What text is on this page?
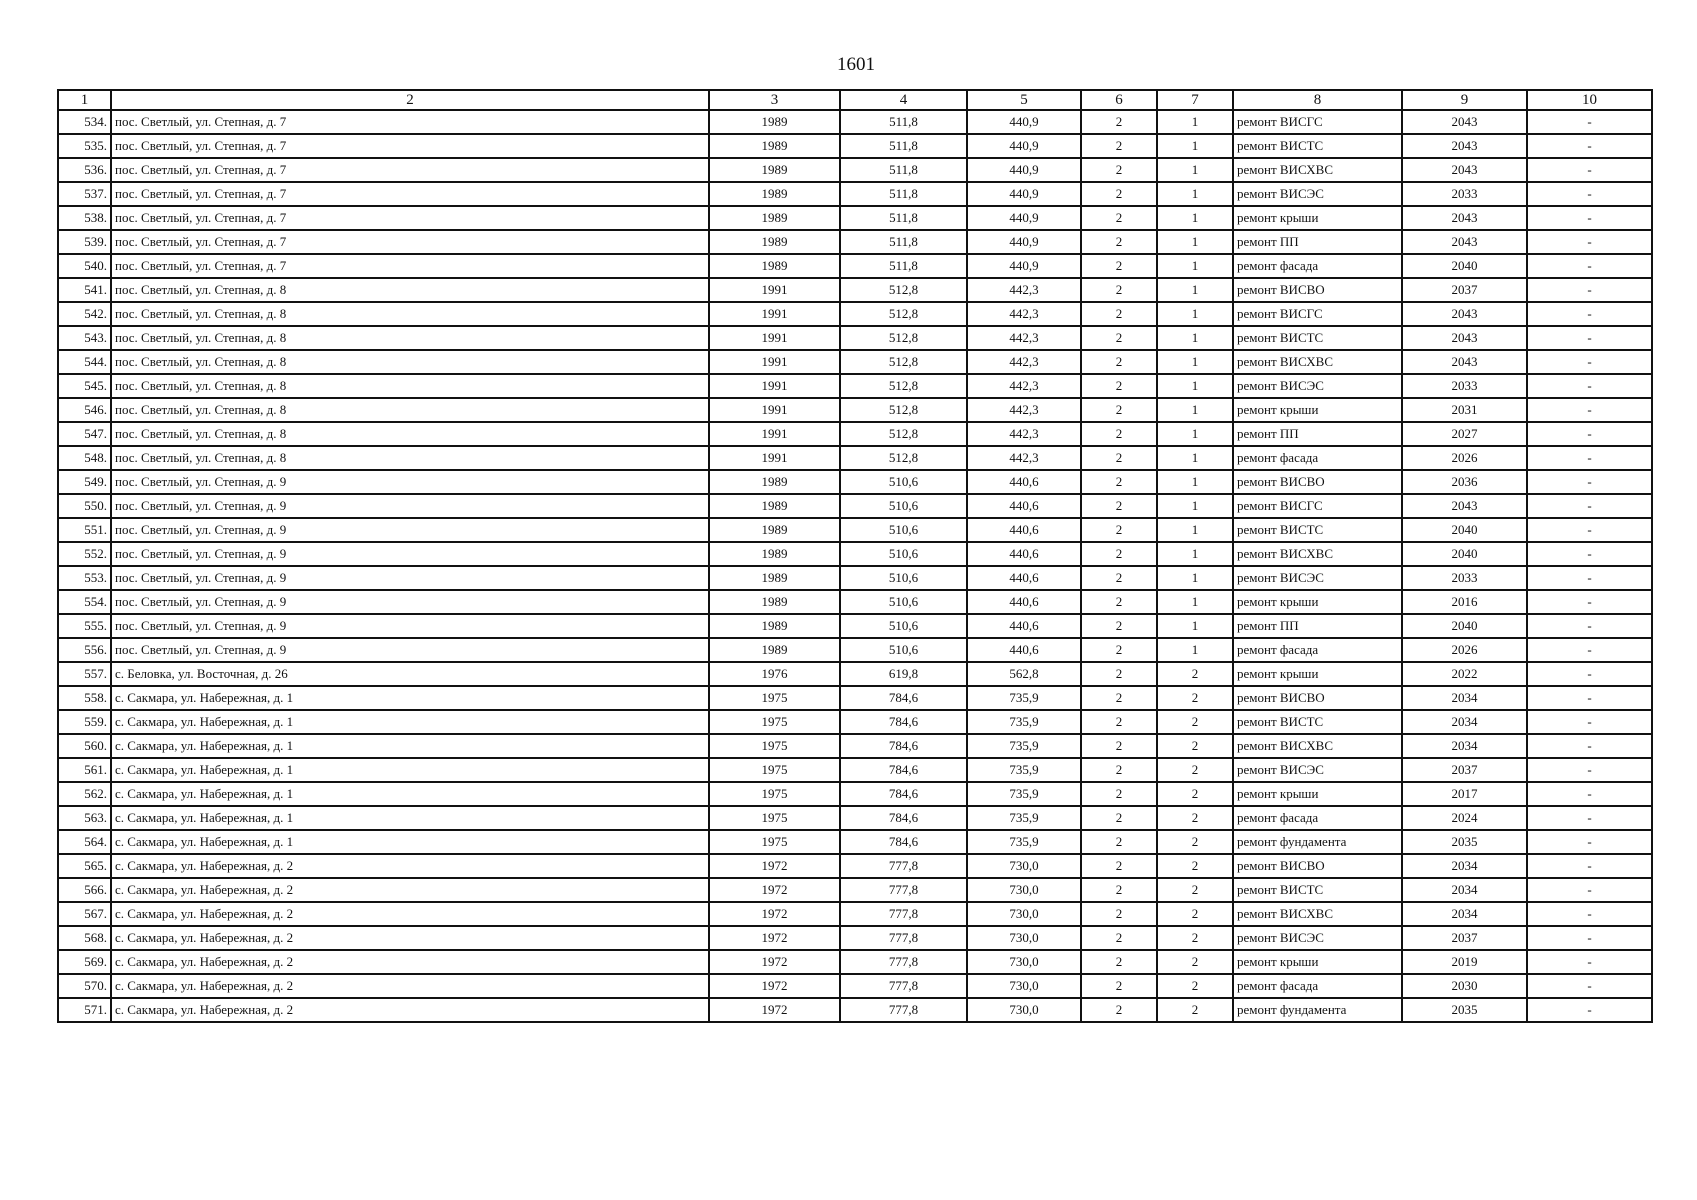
1601
1	2	3	4	5	6	7	8	9	10
534.	пос. Светлый, ул. Степная, д. 7	1989	511,8	440,9	2	1	ремонт ВИСГС	2043	-
535.	пос. Светлый, ул. Степная, д. 7	1989	511,8	440,9	2	1	ремонт ВИСТС	2043	-
536.	пос. Светлый, ул. Степная, д. 7	1989	511,8	440,9	2	1	ремонт ВИСХВС	2043	-
537.	пос. Светлый, ул. Степная, д. 7	1989	511,8	440,9	2	1	ремонт ВИСЭС	2033	-
538.	пос. Светлый, ул. Степная, д. 7	1989	511,8	440,9	2	1	ремонт крыши	2043	-
539.	пос. Светлый, ул. Степная, д. 7	1989	511,8	440,9	2	1	ремонт ПП	2043	-
540.	пос. Светлый, ул. Степная, д. 7	1989	511,8	440,9	2	1	ремонт фасада	2040	-
541.	пос. Светлый, ул. Степная, д. 8	1991	512,8	442,3	2	1	ремонт ВИСВО	2037	-
542.	пос. Светлый, ул. Степная, д. 8	1991	512,8	442,3	2	1	ремонт ВИСГС	2043	-
543.	пос. Светлый, ул. Степная, д. 8	1991	512,8	442,3	2	1	ремонт ВИСТС	2043	-
544.	пос. Светлый, ул. Степная, д. 8	1991	512,8	442,3	2	1	ремонт ВИСХВС	2043	-
545.	пос. Светлый, ул. Степная, д. 8	1991	512,8	442,3	2	1	ремонт ВИСЭС	2033	-
546.	пос. Светлый, ул. Степная, д. 8	1991	512,8	442,3	2	1	ремонт крыши	2031	-
547.	пос. Светлый, ул. Степная, д. 8	1991	512,8	442,3	2	1	ремонт ПП	2027	-
548.	пос. Светлый, ул. Степная, д. 8	1991	512,8	442,3	2	1	ремонт фасада	2026	-
549.	пос. Светлый, ул. Степная, д. 9	1989	510,6	440,6	2	1	ремонт ВИСВО	2036	-
550.	пос. Светлый, ул. Степная, д. 9	1989	510,6	440,6	2	1	ремонт ВИСГС	2043	-
551.	пос. Светлый, ул. Степная, д. 9	1989	510,6	440,6	2	1	ремонт ВИСТС	2040	-
552.	пос. Светлый, ул. Степная, д. 9	1989	510,6	440,6	2	1	ремонт ВИСХВС	2040	-
553.	пос. Светлый, ул. Степная, д. 9	1989	510,6	440,6	2	1	ремонт ВИСЭС	2033	-
554.	пос. Светлый, ул. Степная, д. 9	1989	510,6	440,6	2	1	ремонт крыши	2016	-
555.	пос. Светлый, ул. Степная, д. 9	1989	510,6	440,6	2	1	ремонт ПП	2040	-
556.	пос. Светлый, ул. Степная, д. 9	1989	510,6	440,6	2	1	ремонт фасада	2026	-
557.	с. Беловка, ул. Восточная, д. 26	1976	619,8	562,8	2	2	ремонт крыши	2022	-
558.	с. Сакмара, ул. Набережная, д. 1	1975	784,6	735,9	2	2	ремонт ВИСВО	2034	-
559.	с. Сакмара, ул. Набережная, д. 1	1975	784,6	735,9	2	2	ремонт ВИСТС	2034	-
560.	с. Сакмара, ул. Набережная, д. 1	1975	784,6	735,9	2	2	ремонт ВИСХВС	2034	-
561.	с. Сакмара, ул. Набережная, д. 1	1975	784,6	735,9	2	2	ремонт ВИСЭС	2037	-
562.	с. Сакмара, ул. Набережная, д. 1	1975	784,6	735,9	2	2	ремонт крыши	2017	-
563.	с. Сакмара, ул. Набережная, д. 1	1975	784,6	735,9	2	2	ремонт фасада	2024	-
564.	с. Сакмара, ул. Набережная, д. 1	1975	784,6	735,9	2	2	ремонт фундамента	2035	-
565.	с. Сакмара, ул. Набережная, д. 2	1972	777,8	730,0	2	2	ремонт ВИСВО	2034	-
566.	с. Сакмара, ул. Набережная, д. 2	1972	777,8	730,0	2	2	ремонт ВИСТС	2034	-
567.	с. Сакмара, ул. Набережная, д. 2	1972	777,8	730,0	2	2	ремонт ВИСХВС	2034	-
568.	с. Сакмара, ул. Набережная, д. 2	1972	777,8	730,0	2	2	ремонт ВИСЭС	2037	-
569.	с. Сакмара, ул. Набережная, д. 2	1972	777,8	730,0	2	2	ремонт крыши	2019	-
570.	с. Сакмара, ул. Набережная, д. 2	1972	777,8	730,0	2	2	ремонт фасада	2030	-
571.	с. Сакмара, ул. Набережная, д. 2	1972	777,8	730,0	2	2	ремонт фундамента	2035	-
